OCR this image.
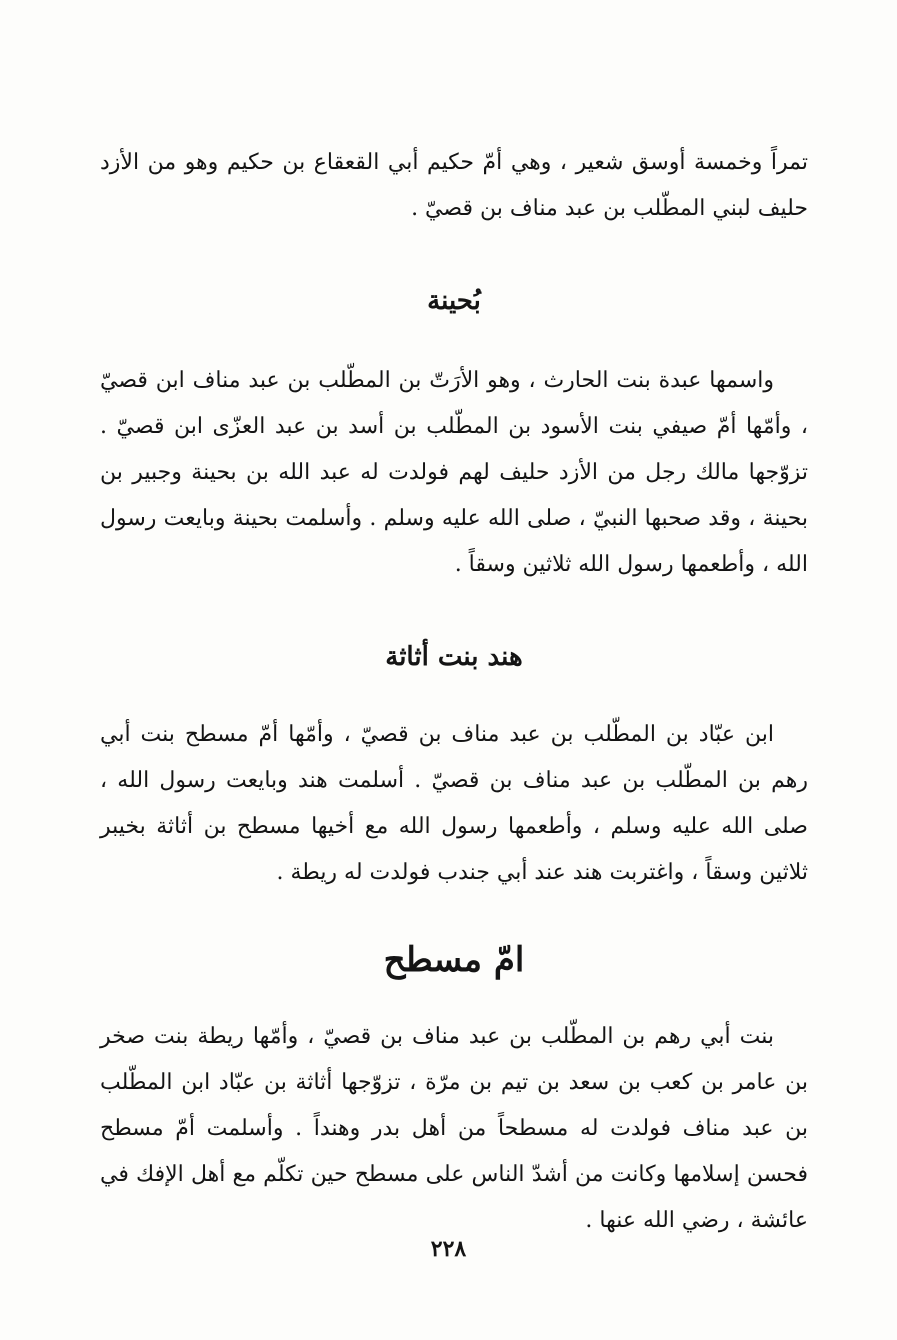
تمراً وخمسة أوسق شعير ، وهي أمّ حكيم أبي القعقاع بن حكيم وهو من الأزد حليف لبني المطّلب بن عبد مناف بن قصيّ .

بُحينة

واسمها عبدة بنت الحارث ، وهو الأرَتّ بن المطّلب بن عبد مناف ابن قصيّ ، وأمّها أمّ صيفي بنت الأسود بن المطّلب بن أسد بن عبد العزّى ابن قصيّ . تزوّجها مالك رجل من الأزد حليف لهم فولدت له عبد الله بن بحينة وجبير بن بحينة ، وقد صحبها النبيّ ، صلى الله عليه وسلم . وأسلمت بحينة وبايعت رسول الله ، وأطعمها رسول الله ثلاثين وسقاً .

هند بنت أثاثة

ابن عبّاد بن المطّلب بن عبد مناف بن قصيّ ، وأمّها أمّ مسطح بنت أبي رهم بن المطّلب بن عبد مناف بن قصيّ . أسلمت هند وبايعت رسول الله ، صلى الله عليه وسلم ، وأطعمها رسول الله مع أخيها مسطح بن أثاثة بخيبر ثلاثين وسقاً ، واغتربت هند عند أبي جندب فولدت له ريطة .

امّ مسطح

بنت أبي رهم بن المطّلب بن عبد مناف بن قصيّ ، وأمّها ريطة بنت صخر بن عامر بن كعب بن سعد بن تيم بن مرّة ، تزوّجها أثاثة بن عبّاد ابن المطّلب بن عبد مناف فولدت له مسطحاً من أهل بدر وهنداً . وأسلمت أمّ مسطح فحسن إسلامها وكانت من أشدّ الناس على مسطح حين تكلّم مع أهل الإفك في عائشة ، رضي الله عنها .

٢٢٨
